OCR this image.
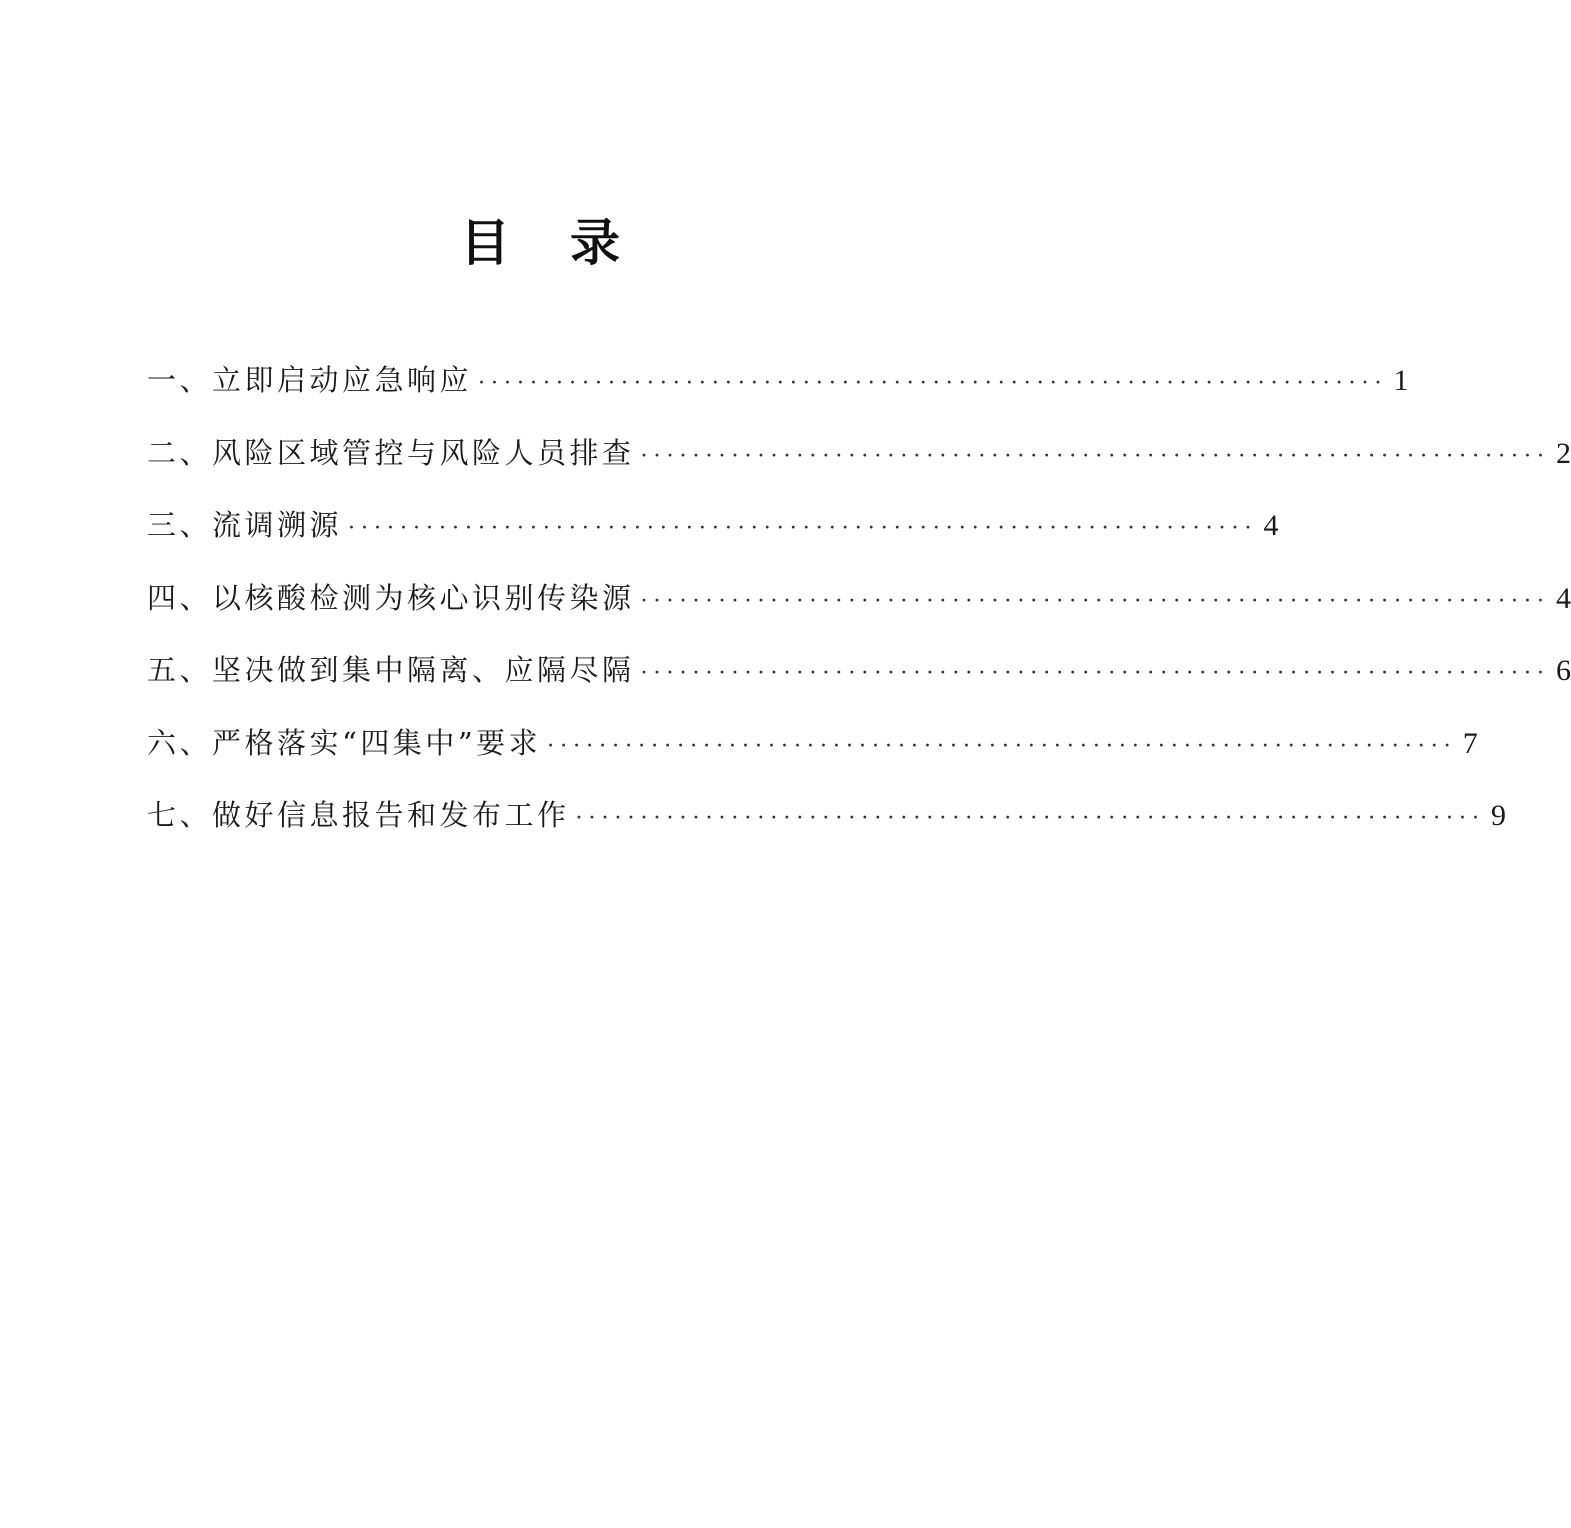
目 录
一、立即启动应急响应 ······································································ 1
二、风险区域管控与风险人员排查 ······································································ 2
三、流调溯源 ······································································ 4
四、以核酸检测为核心识别传染源 ······································································ 4
五、坚决做到集中隔离、应隔尽隔 ······································································ 6
六、严格落实“四集中”要求 ······································································ 7
七、做好信息报告和发布工作 ······································································ 9
